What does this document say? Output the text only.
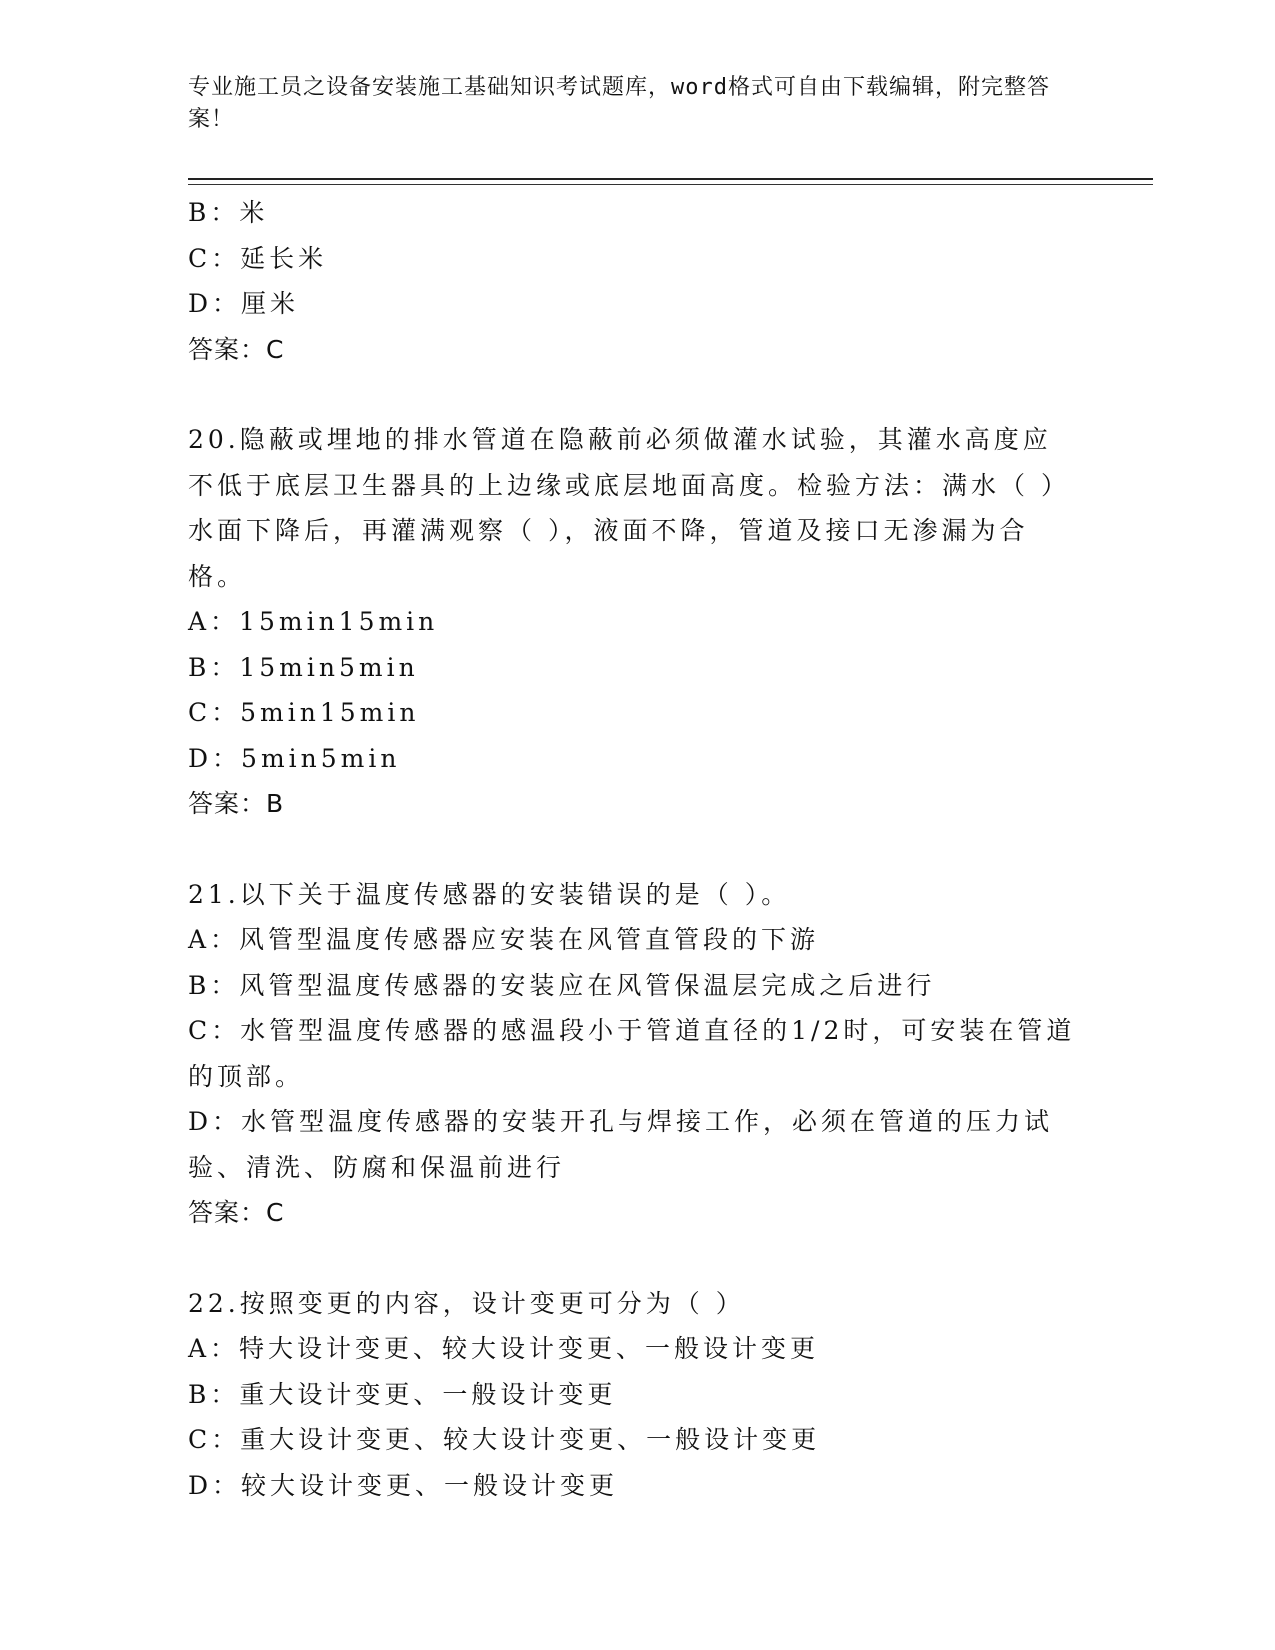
专业施工员之设备安装施工基础知识考试题库，word格式可自由下载编辑，附完整答案！
B：米
C：延长米
D：厘米
答案：C
20.隐蔽或埋地的排水管道在隐蔽前必须做灌水试验，其灌水高度应不低于底层卫生器具的上边缘或底层地面高度。检验方法：满水（ ）水面下降后，再灌满观察（ ），液面不降，管道及接口无渗漏为合格。
A：15min15min
B：15min5min
C：5min15min
D：5min5min
答案：B
21.以下关于温度传感器的安装错误的是（ ）。
A：风管型温度传感器应安装在风管直管段的下游
B：风管型温度传感器的安装应在风管保温层完成之后进行
C：水管型温度传感器的感温段小于管道直径的1/2时，可安装在管道的顶部。
D：水管型温度传感器的安装开孔与焊接工作，必须在管道的压力试验、清洗、防腐和保温前进行
答案：C
22.按照变更的内容，设计变更可分为（ ）
A：特大设计变更、较大设计变更、一般设计变更
B：重大设计变更、一般设计变更
C：重大设计变更、较大设计变更、一般设计变更
D：较大设计变更、一般设计变更
